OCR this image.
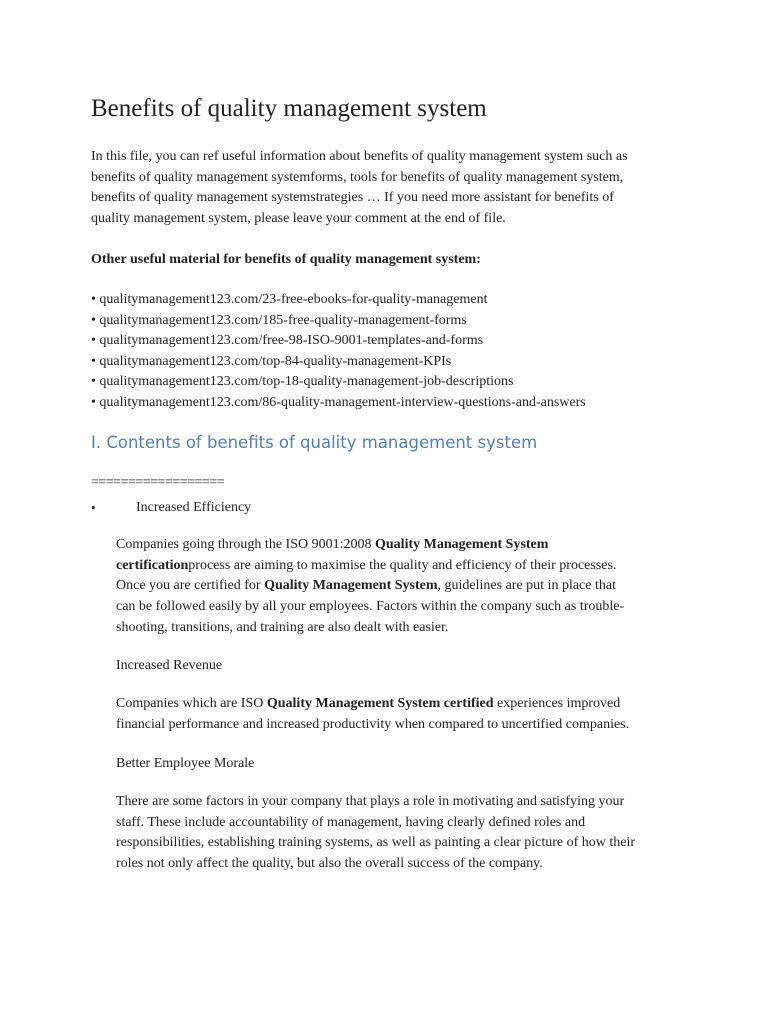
Benefits of quality management system
In this file, you can ref useful information about benefits of quality management system such as
benefits of quality management systemforms, tools for benefits of quality management system,
benefits of quality management systemstrategies … If you need more assistant for benefits of
quality management system, please leave your comment at the end of file.
Other useful material for benefits of quality management system:
• qualitymanagement123.com/23-free-ebooks-for-quality-management
• qualitymanagement123.com/185-free-quality-management-forms
• qualitymanagement123.com/free-98-ISO-9001-templates-and-forms
• qualitymanagement123.com/top-84-quality-management-KPIs
• qualitymanagement123.com/top-18-quality-management-job-descriptions
• qualitymanagement123.com/86-quality-management-interview-questions-and-answers
I. Contents of benefits of quality management system
==================
•	Increased Efficiency
Companies going through the ISO 9001:2008 Quality Management System
certificationprocess are aiming to maximise the quality and efficiency of their processes.
Once you are certified for Quality Management System, guidelines are put in place that
can be followed easily by all your employees. Factors within the company such as trouble-
shooting, transitions, and training are also dealt with easier.
Increased Revenue
Companies which are ISO Quality Management System certified experiences improved
financial performance and increased productivity when compared to uncertified companies.
Better Employee Morale
There are some factors in your company that plays a role in motivating and satisfying your
staff. These include accountability of management, having clearly defined roles and
responsibilities, establishing training systems, as well as painting a clear picture of how their
roles not only affect the quality, but also the overall success of the company.
